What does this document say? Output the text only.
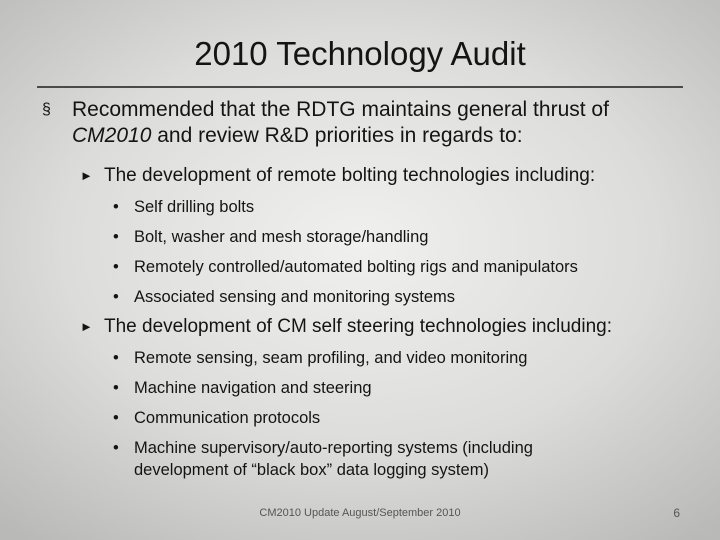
2010 Technology Audit
§ Recommended that the RDTG maintains general thrust of
CM2010 and review R&D priorities in regards to:
► The development of remote bolting technologies including:
• Self drilling bolts
• Bolt, washer and mesh storage/handling
• Remotely controlled/automated bolting rigs and manipulators
• Associated sensing and monitoring systems
► The development of CM self steering technologies including:
• Remote sensing, seam profiling, and video monitoring
• Machine navigation and steering
• Communication protocols
• Machine supervisory/auto-reporting systems (including
development of “black box” data logging system)
CM2010 Update August/September 2010	6
